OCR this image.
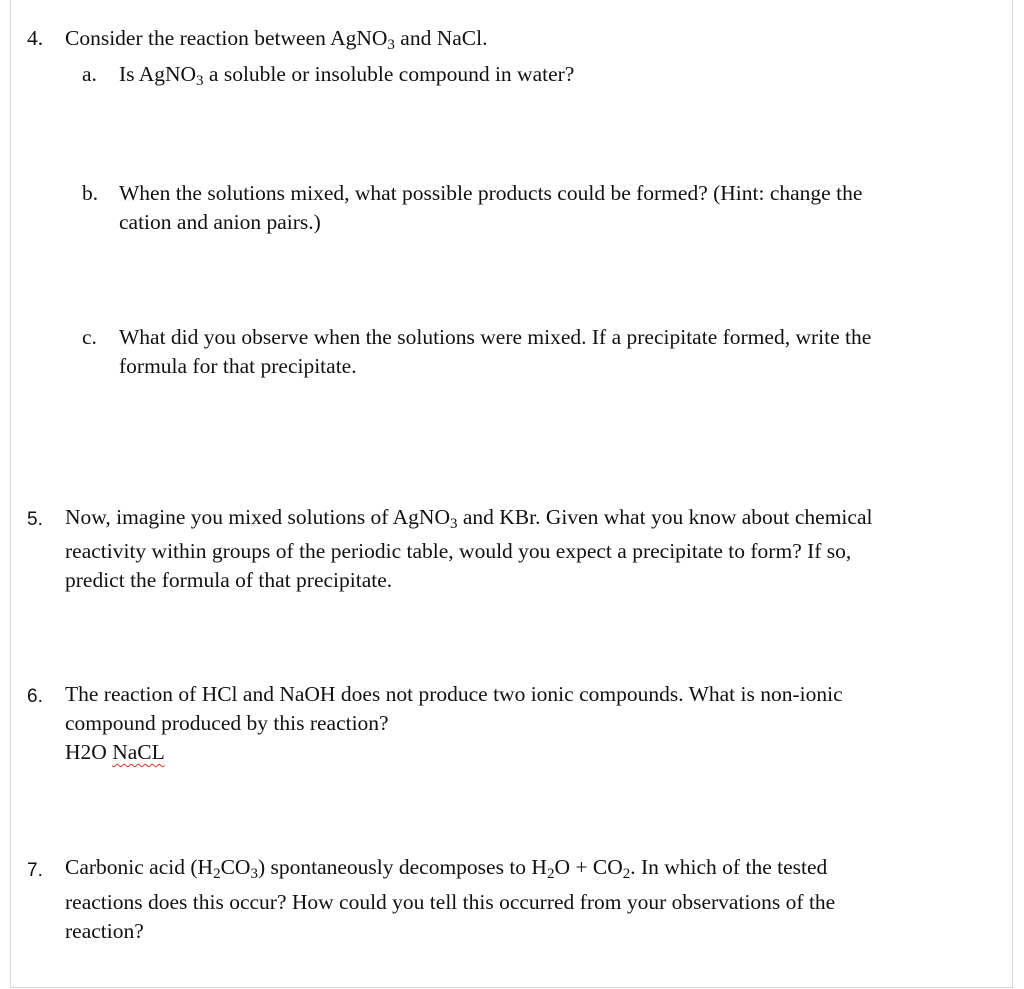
4. Consider the reaction between AgNO$_3$ and NaCl.
a. Is AgNO$_3$ a soluble or insoluble compound in water?
b. When the solutions mixed, what possible products could be formed? (Hint: change the
cation and anion pairs.)
c. What did you observe when the solutions were mixed. If a precipitate formed, write the
formula for that precipitate.
5. Now, imagine you mixed solutions of AgNO$_3$ and KBr. Given what you know about chemical
reactivity within groups of the periodic table, would you expect a precipitate to form? If so,
predict the formula of that precipitate.
6. The reaction of HCl and NaOH does not produce two ionic compounds. What is non-ionic
compound produced by this reaction?
H2O NaCL
7. Carbonic acid $(H_2CO_3)$ spontaneously decomposes to $H_2O + CO_2$. In which of the tested
reactions does this occur? How could you tell this occurred from your observations of the
reaction?
